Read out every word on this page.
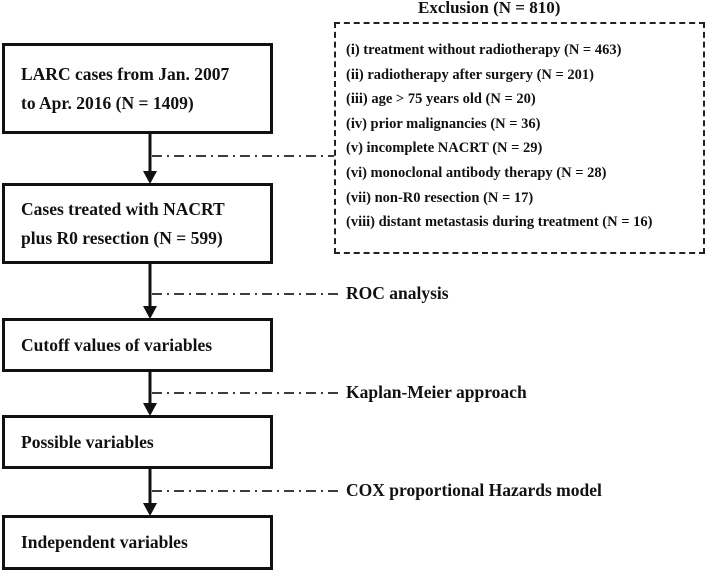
LARC cases from Jan. 2007
to Apr. 2016 (N = 1409)
Cases treated with NACRT
plus R0 resection (N = 599)
Cutoff values of variables
Possible variables
Independent variables
Exclusion (N = 810)
(i) treatment without radiotherapy (N = 463)
(ii) radiotherapy after surgery (N = 201)
(iii) age > 75 years old (N = 20)
(iv) prior malignancies (N = 36)
(v) incomplete NACRT (N = 29)
(vi) monoclonal antibody therapy (N = 28)
(vii) non-R0 resection (N = 17)
(viii) distant metastasis during treatment (N = 16)
ROC analysis
Kaplan-Meier approach
COX proportional Hazards model
